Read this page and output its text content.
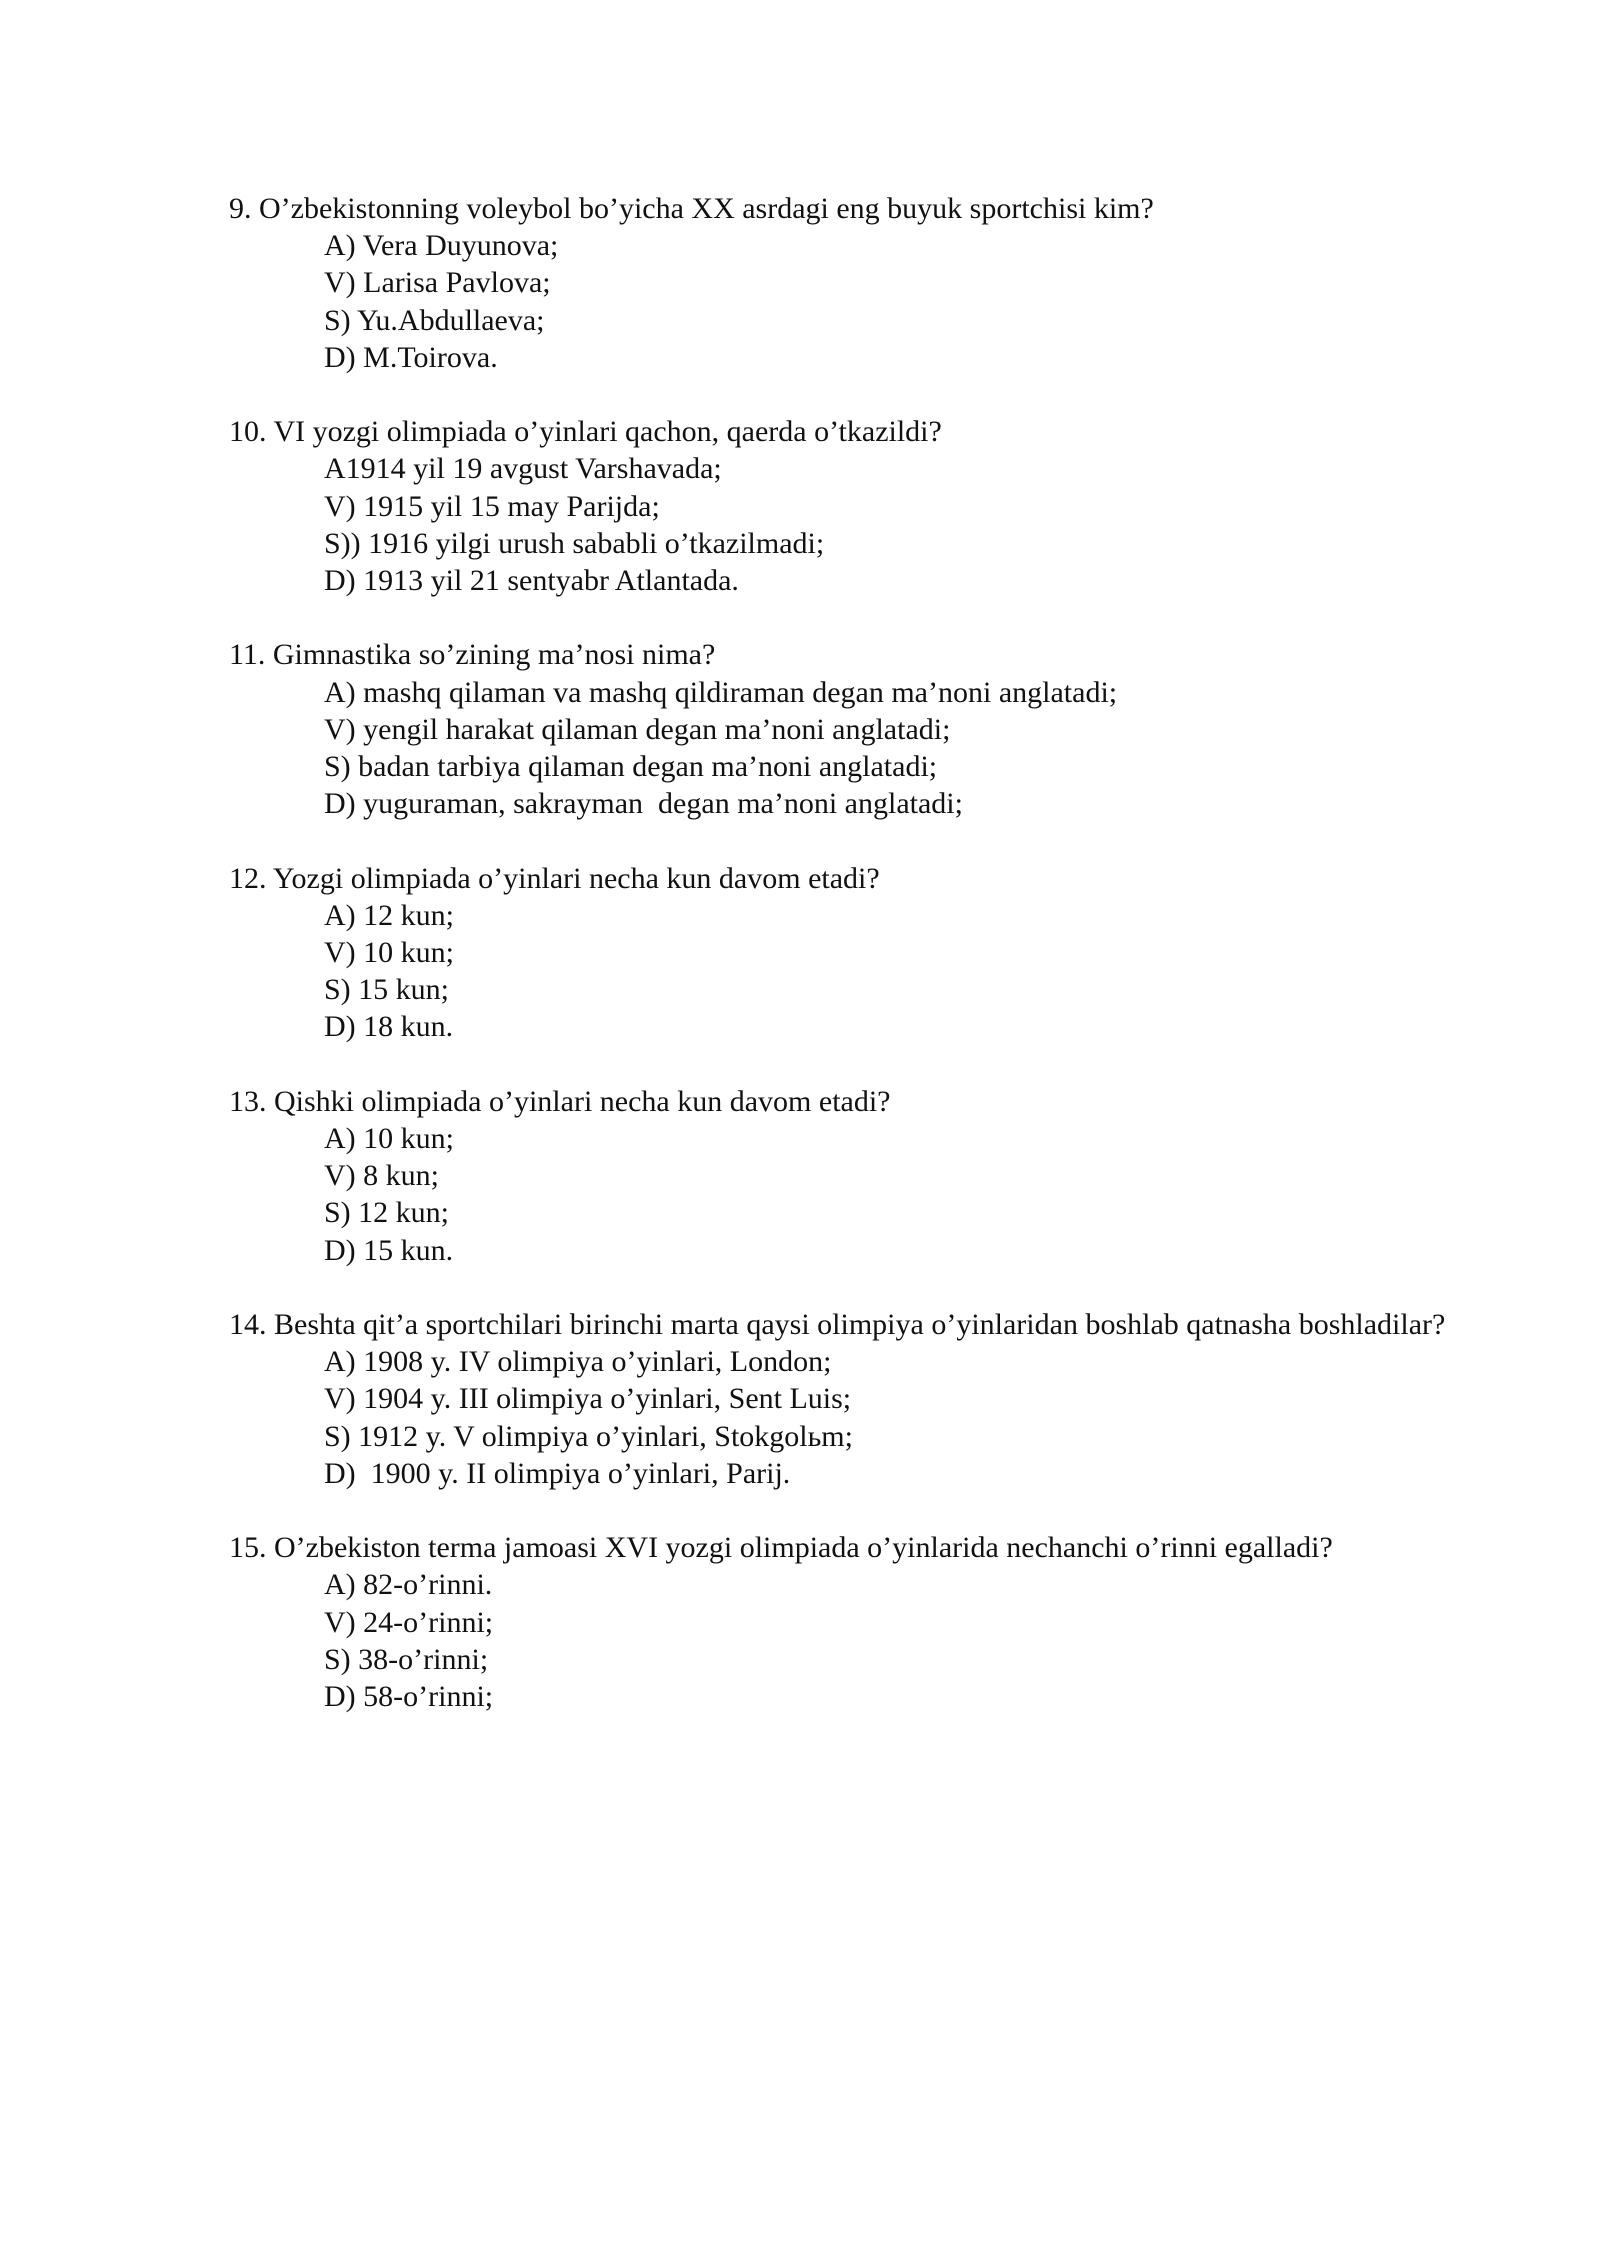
9. O’zbekistonning voleybol bo’yicha XX asrdagi eng buyuk sportchisi kim?
A) Vera Duyunova;
V) Larisa Pavlova;
S) Yu.Abdullaeva;
D) M.Toirova.
10. VI yozgi olimpiada o’yinlari qachon, qaerda o’tkazildi?
A1914 yil 19 avgust Varshavada;
V) 1915 yil 15 may Parijda;
S)) 1916 yilgi urush sababli o’tkazilmadi;
D) 1913 yil 21 sentyabr Atlantada.
11. Gimnastika so’zining ma’nosi nima?
A) mashq qilaman va mashq qildiraman degan ma’noni anglatadi;
V) yengil harakat qilaman degan ma’noni anglatadi;
S) badan tarbiya qilaman degan ma’noni anglatadi;
D) yuguraman, sakrayman  degan ma’noni anglatadi;
12. Yozgi olimpiada o’yinlari necha kun davom etadi?
A) 12 kun;
V) 10 kun;
S) 15 kun;
D) 18 kun.
13. Qishki olimpiada o’yinlari necha kun davom etadi?
A) 10 kun;
V) 8 kun;
S) 12 kun;
D) 15 kun.
14. Beshta qit’a sportchilari birinchi marta qaysi olimpiya o’yinlaridan boshlab qatnasha boshladilar?
A) 1908 y. IV olimpiya o’yinlari, London;
V) 1904 y. III olimpiya o’yinlari, Sent Luis;
S) 1912 y. V olimpiya o’yinlari, Stokgolьm;
D)  1900 y. II olimpiya o’yinlari, Parij.
15. O’zbekiston terma jamoasi XVI yozgi olimpiada o’yinlarida nechanchi o’rinni egalladi?
A) 82-o’rinni.
V) 24-o’rinni;
S) 38-o’rinni;
D) 58-o’rinni;
